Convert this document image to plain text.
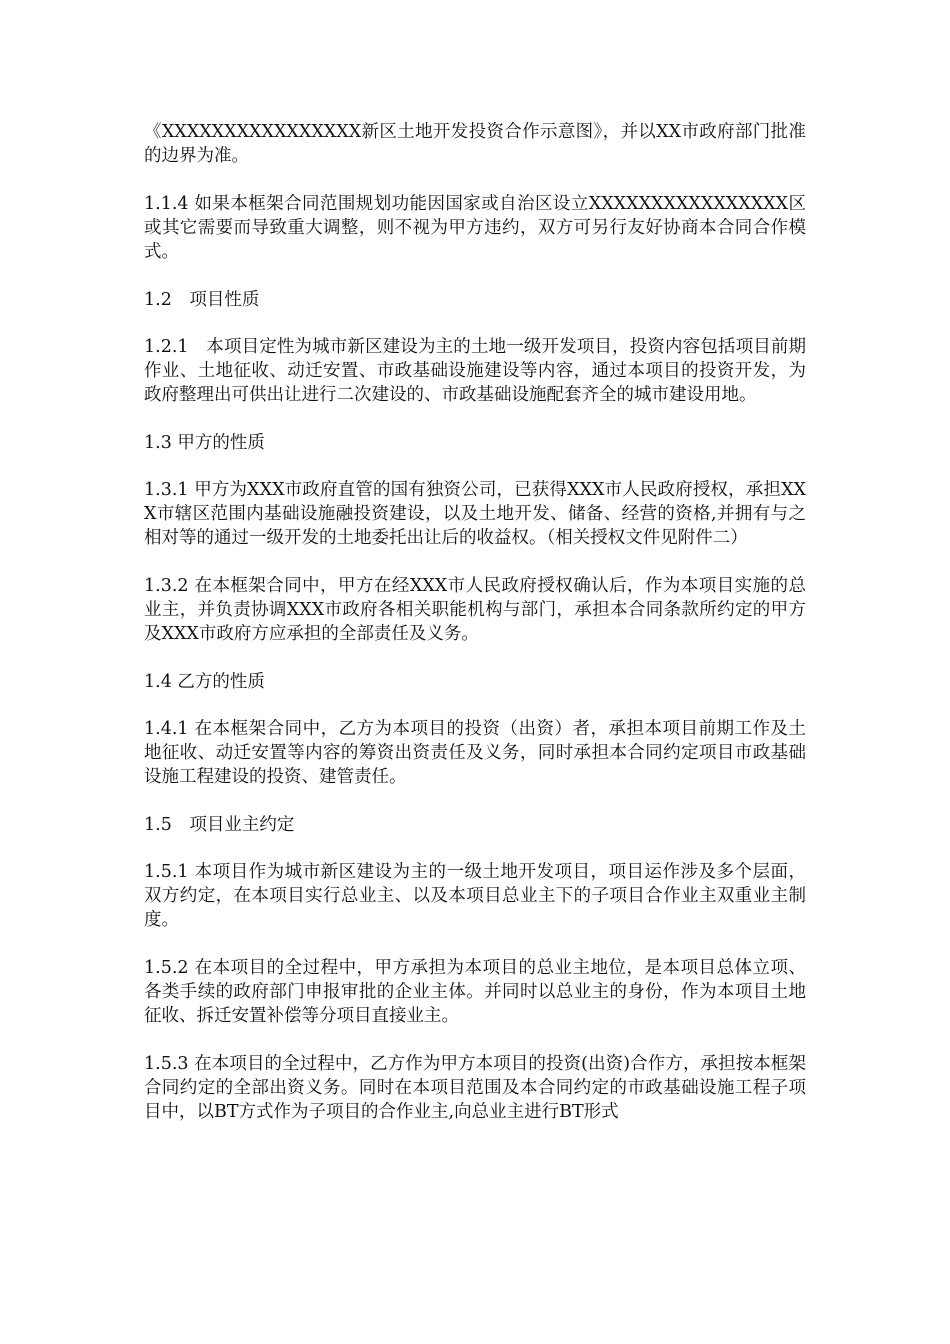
《XXXXXXXXXXXXXXXX新区土地开发投资合作示意图》，并以XX市政府部门批准的边界为准。

1.1.4 如果本框架合同范围规划功能因国家或自治区设立XXXXXXXXXXXXXXXX区或其它需要而导致重大调整，则不视为甲方违约，双方可另行友好协商本合同合作模式。

1.2　项目性质

1.2.1　本项目定性为城市新区建设为主的土地一级开发项目，投资内容包括项目前期作业、土地征收、动迁安置、市政基础设施建设等内容，通过本项目的投资开发，为政府整理出可供出让进行二次建设的、市政基础设施配套齐全的城市建设用地。

1.3 甲方的性质

1.3.1 甲方为XXX市政府直管的国有独资公司，已获得XXX市人民政府授权，承担XXX市辖区范围内基础设施融投资建设，以及土地开发、储备、经营的资格,并拥有与之相对等的通过一级开发的土地委托出让后的收益权。（相关授权文件见附件二）

1.3.2 在本框架合同中，甲方在经XXX市人民政府授权确认后，作为本项目实施的总业主，并负责协调XXX市政府各相关职能机构与部门，承担本合同条款所约定的甲方及XXX市政府方应承担的全部责任及义务。

1.4 乙方的性质

1.4.1 在本框架合同中，乙方为本项目的投资（出资）者，承担本项目前期工作及土地征收、动迁安置等内容的筹资出资责任及义务，同时承担本合同约定项目市政基础设施工程建设的投资、建管责任。

1.5　项目业主约定

1.5.1 本项目作为城市新区建设为主的一级土地开发项目，项目运作涉及多个层面，双方约定，在本项目实行总业主、以及本项目总业主下的子项目合作业主双重业主制度。

1.5.2 在本项目的全过程中，甲方承担为本项目的总业主地位，是本项目总体立项、各类手续的政府部门申报审批的企业主体。并同时以总业主的身份，作为本项目土地征收、拆迁安置补偿等分项目直接业主。

1.5.3 在本项目的全过程中，乙方作为甲方本项目的投资(出资)合作方，承担按本框架合同约定的全部出资义务。同时在本项目范围及本合同约定的市政基础设施工程子项目中，以BT方式作为子项目的合作业主,向总业主进行BT形式
